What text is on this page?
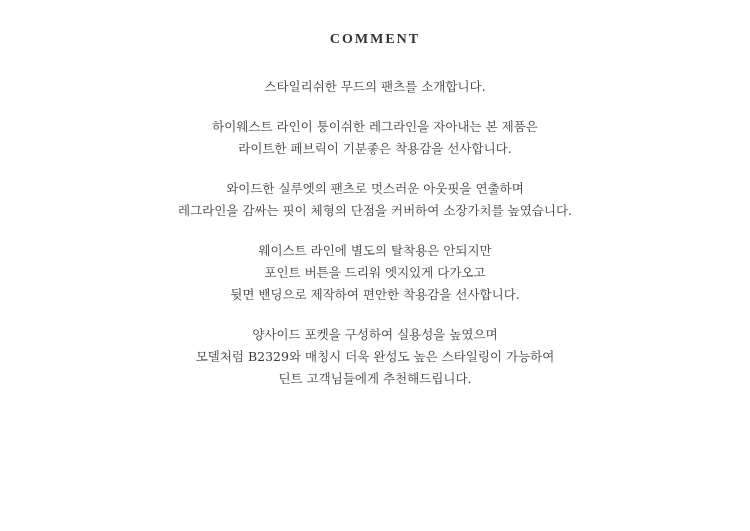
COMMENT
스타일리쉬한 무드의 팬츠를 소개합니다.
하이웨스트 라인이 퉁이쉬한 레그라인을 자아내는 본 제품은
라이트한 페브릭이 기분좋은 착용감을 선사합니다.
와이드한 실루엣의 팬츠로 멋스러운 아웃핏을 연출하며
레그라인을 감싸는 핏이 체형의 단점을 커버하여 소장가치를 높였습니다.
웨이스트 라인에 별도의 탈착용은 안되지만
포인트 버튼을 드리워 엣지있게 다가오고
뒷면 밴딩으로 제작하여 편안한 착용감을 선사합니다.
양사이드 포켓을 구성하여 실용성을 높였으며
모델처럼 B2329와 매칭시 더욱 완성도 높은 스타일링이 가능하여
딘트 고객님들에게 추천해드립니다.
